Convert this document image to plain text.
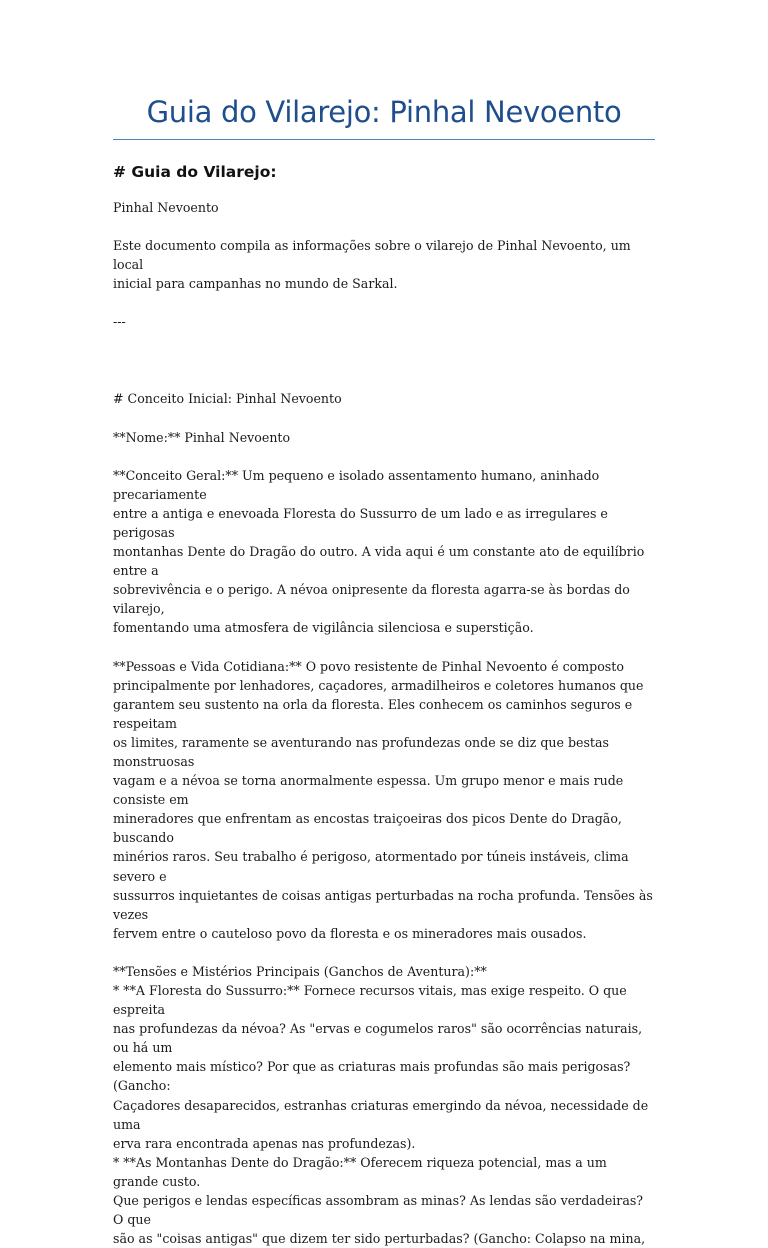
Guia do Vilarejo: Pinhal Nevoento
# Guia do Vilarejo:

Pinhal Nevoento

Este documento compila as informações sobre o vilarejo de Pinhal Nevoento, um local
inicial para campanhas no mundo de Sarkal.

---

# Conceito Inicial: Pinhal Nevoento

**Nome:** Pinhal Nevoento

**Conceito Geral:** Um pequeno e isolado assentamento humano, aninhado precariamente
entre a antiga e enevoada Floresta do Sussurro de um lado e as irregulares e perigosas
montanhas Dente do Dragão do outro. A vida aqui é um constante ato de equilíbrio entre a
sobrevivência e o perigo. A névoa onipresente da floresta agarra-se às bordas do vilarejo,
fomentando uma atmosfera de vigilância silenciosa e superstição.

**Pessoas e Vida Cotidiana:** O povo resistente de Pinhal Nevoento é composto
principalmente por lenhadores, caçadores, armadilheiros e coletores humanos que
garantem seu sustento na orla da floresta. Eles conhecem os caminhos seguros e respeitam
os limites, raramente se aventurando nas profundezas onde se diz que bestas monstruosas
vagam e a névoa se torna anormalmente espessa. Um grupo menor e mais rude consiste em
mineradores que enfrentam as encostas traiçoeiras dos picos Dente do Dragão, buscando
minérios raros. Seu trabalho é perigoso, atormentado por túneis instáveis, clima severo e
sussurros inquietantes de coisas antigas perturbadas na rocha profunda. Tensões às vezes
fervem entre o cauteloso povo da floresta e os mineradores mais ousados.

**Tensões e Mistérios Principais (Ganchos de Aventura):**

* **A Floresta do Sussurro:** Fornece recursos vitais, mas exige respeito. O que espreita
nas profundezas da névoa? As "ervas e cogumelos raros" são ocorrências naturais, ou há um
elemento mais místico? Por que as criaturas mais profundas são mais perigosas? (Gancho:
Caçadores desaparecidos, estranhas criaturas emergindo da névoa, necessidade de uma
erva rara encontrada apenas nas profundezas).

* **As Montanhas Dente do Dragão:** Oferecem riqueza potencial, mas a um grande custo.
Que perigos e lendas específicas assombram as minas? As lendas são verdadeiras? O que
são as "coisas antigas" que dizem ter sido perturbadas? (Gancho: Colapso na mina,
